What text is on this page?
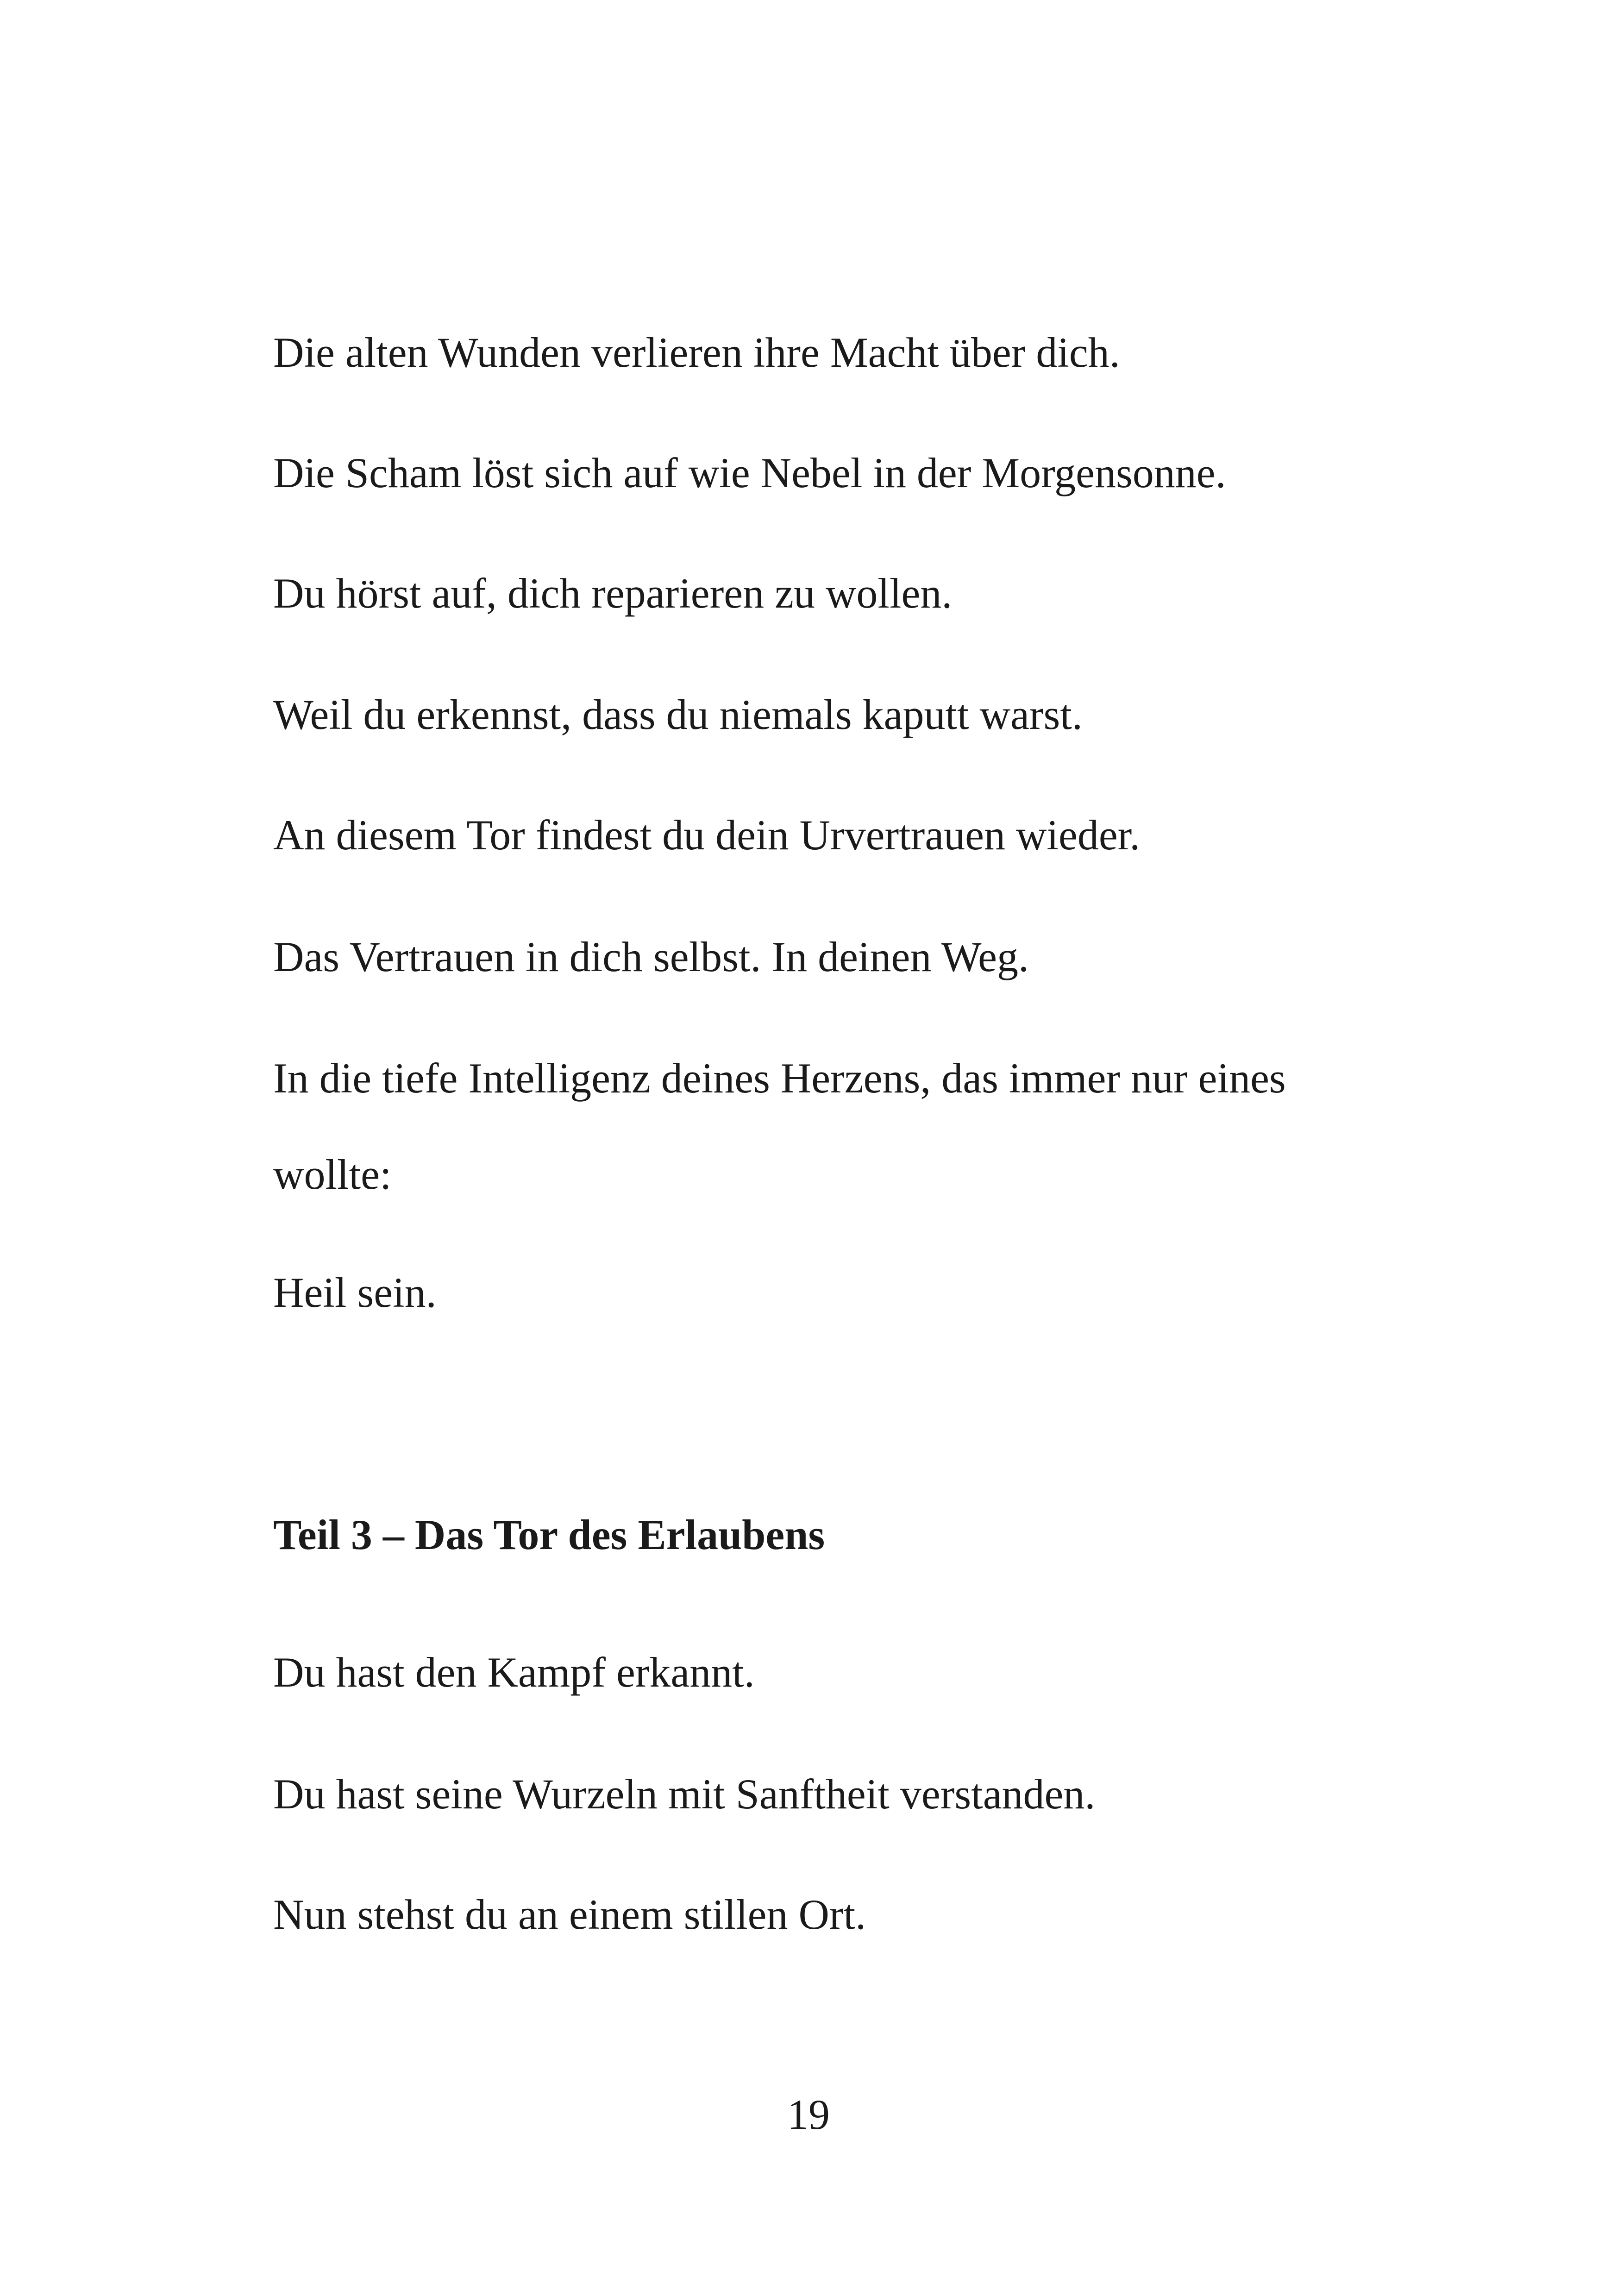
Die alten Wunden verlieren ihre Macht über dich.

Die Scham löst sich auf wie Nebel in der Morgensonne.

Du hörst auf, dich reparieren zu wollen.

Weil du erkennst, dass du niemals kaputt warst.

An diesem Tor findest du dein Urvertrauen wieder.

Das Vertrauen in dich selbst. In deinen Weg.

In die tiefe Intelligenz deines Herzens, das immer nur eines

wollte:

Heil sein.

Teil 3 – Das Tor des Erlaubens

Du hast den Kampf erkannt.

Du hast seine Wurzeln mit Sanftheit verstanden.

Nun stehst du an einem stillen Ort.

19
